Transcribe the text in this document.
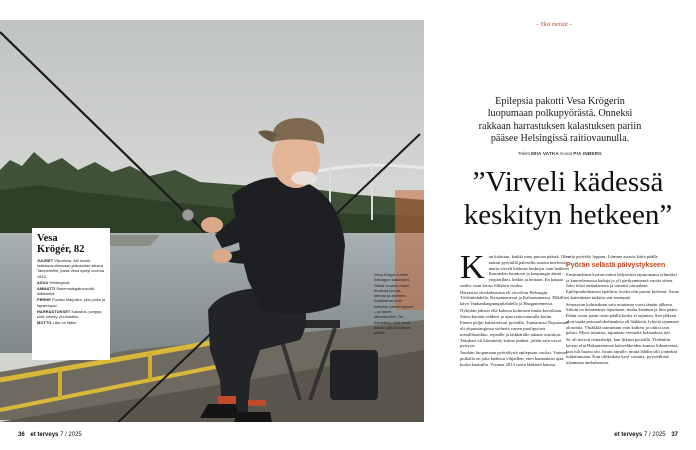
Vesa
Krögér, 82

JUURET Viipurissa. Äiti muutti raskaana ollessaan jatkosodan aikana Tampereelle, jossa Vesa syntyi vuonna 1943.

ASUU Helsingissä.

AMMATTI Rakennuttajakonsultti, eläkkeellä.

PERHE Puoliso Marjukka, yksi poika ja lapsenlapsi.

HARRASTUKSET Kalastus, jumppa, uinti, kävely, puuhastelu.

MOTTO Liike on lääke.

Vesa Kröger tuntee heinagon kalavedet. Niistä nousee muun muassa kuhaa, lahnaa ja ahventa. Kalakamat ovat kotiinkin pienennyneet – ja talvet lämmenneet. Se harmittaa, sillä Vesa halusi päästä talvisin pilkille.
36 et terveys 7 / 2025
– Yksi meistä –
Epilepsia pakotti Vesa Krögerin luopumaan polkupyörästä. Onneksi rakkaan harrastuksen kalastuksen pariin pääsee Helsingissä raitiovaunulla.
Teksti MIIA VATKA Kuvat PIA INBERG
”Virveli kädessä
keskityn hetkeen”
K un kalastan, kaikki muu putoaa päästä. Olen saanut pyöräillä paloselin asiotta mielessä, mutta virveli kädessä keskityn vain hetkeen. Kuuntelen luontoon ja kaupungin ääniä ympärilläni, hetkin ja heitaan. En kaipaa saaliis vaan kivan fiiliksen vuoksi.

Harrastan yksikalastusta eli virvelöin Helsingin Töölönlahdella. Kaisaniemessä ja Kalasatamassa. Pilkillä käyn Vanhankaupunginlahdella ja Haaganiemessä.

Nykyään jakson ella kalassa kolmisen tuntia kerrallaan. Sitten kerään vehkeet ja ajan raitiovaunulla kotiin.

Ennen pöljin kalastreissut pyörällä. Tuunatussa Nopsassani oli ohjaustangossa viehettä varten puolipyöreä metallilaatikko, repsulle ja läikkärälle takana ostoskori. Takakasi oli kiinnitetty kolme putkea, joihin sain vavat pystyyn.

Jouduin luopumaan pyöräilystä epilepsian vuoksi. Vaimoa poikalla on joka kädessä vihjaillen, ettei kannattaisi ajaa, koska kaatuilin. Vuonna 2013 sovin lääkärin kanssa

, että pyöräily loppuu. Liimme asiasta kättä päälle.

Pyörän selästä päivystykseen

Ensimmäinen kerran minut hälytettiin tajuttomana ryhmäksi ja kuurtelemassa kaduja jo yli parikymmentä vuotta sitten. Joku tilasi ambulanssin ja toimitti sairaalaan. Epilepsiakohtausta epäiltiin, koska olin purrut kieleeni. Asiaa ei kuitenkaan tutkittu sen enempää.

Seuraavan kohtauksen sain muutama vuosi tämän jälkeen. Siltoin en menettänyt tajuntaani, mutta kaaduin ja löin pääni. Pääni oston jatsin otsin päällä koska ei tajuntaa. Sen jälkeen alon saada poissaolokohtauksia eli lääkkeiä, lyhyitä tajunnan-alosentia. Yhtäkkiä toimintani vain katkesi ja olittoi taas palasi. Myös toimista, tajuntaan viemettä kohtauksia tuli.

Se oli tietysti riskaabeljä, kun liikuin pyörällä. Yhdenkin kerran olin Hakaniemessä kalavehkeiden kanssa liikenteessä, kun tuli huono olo. Istuin rapulle, mutta lähdin silti jonnekin tuhlattumaan. Kun oltiksikäsi kyyl voinnia, pyystelkitsä tilaamaan ambulanssin.

et terveys 7 / 2025 37
